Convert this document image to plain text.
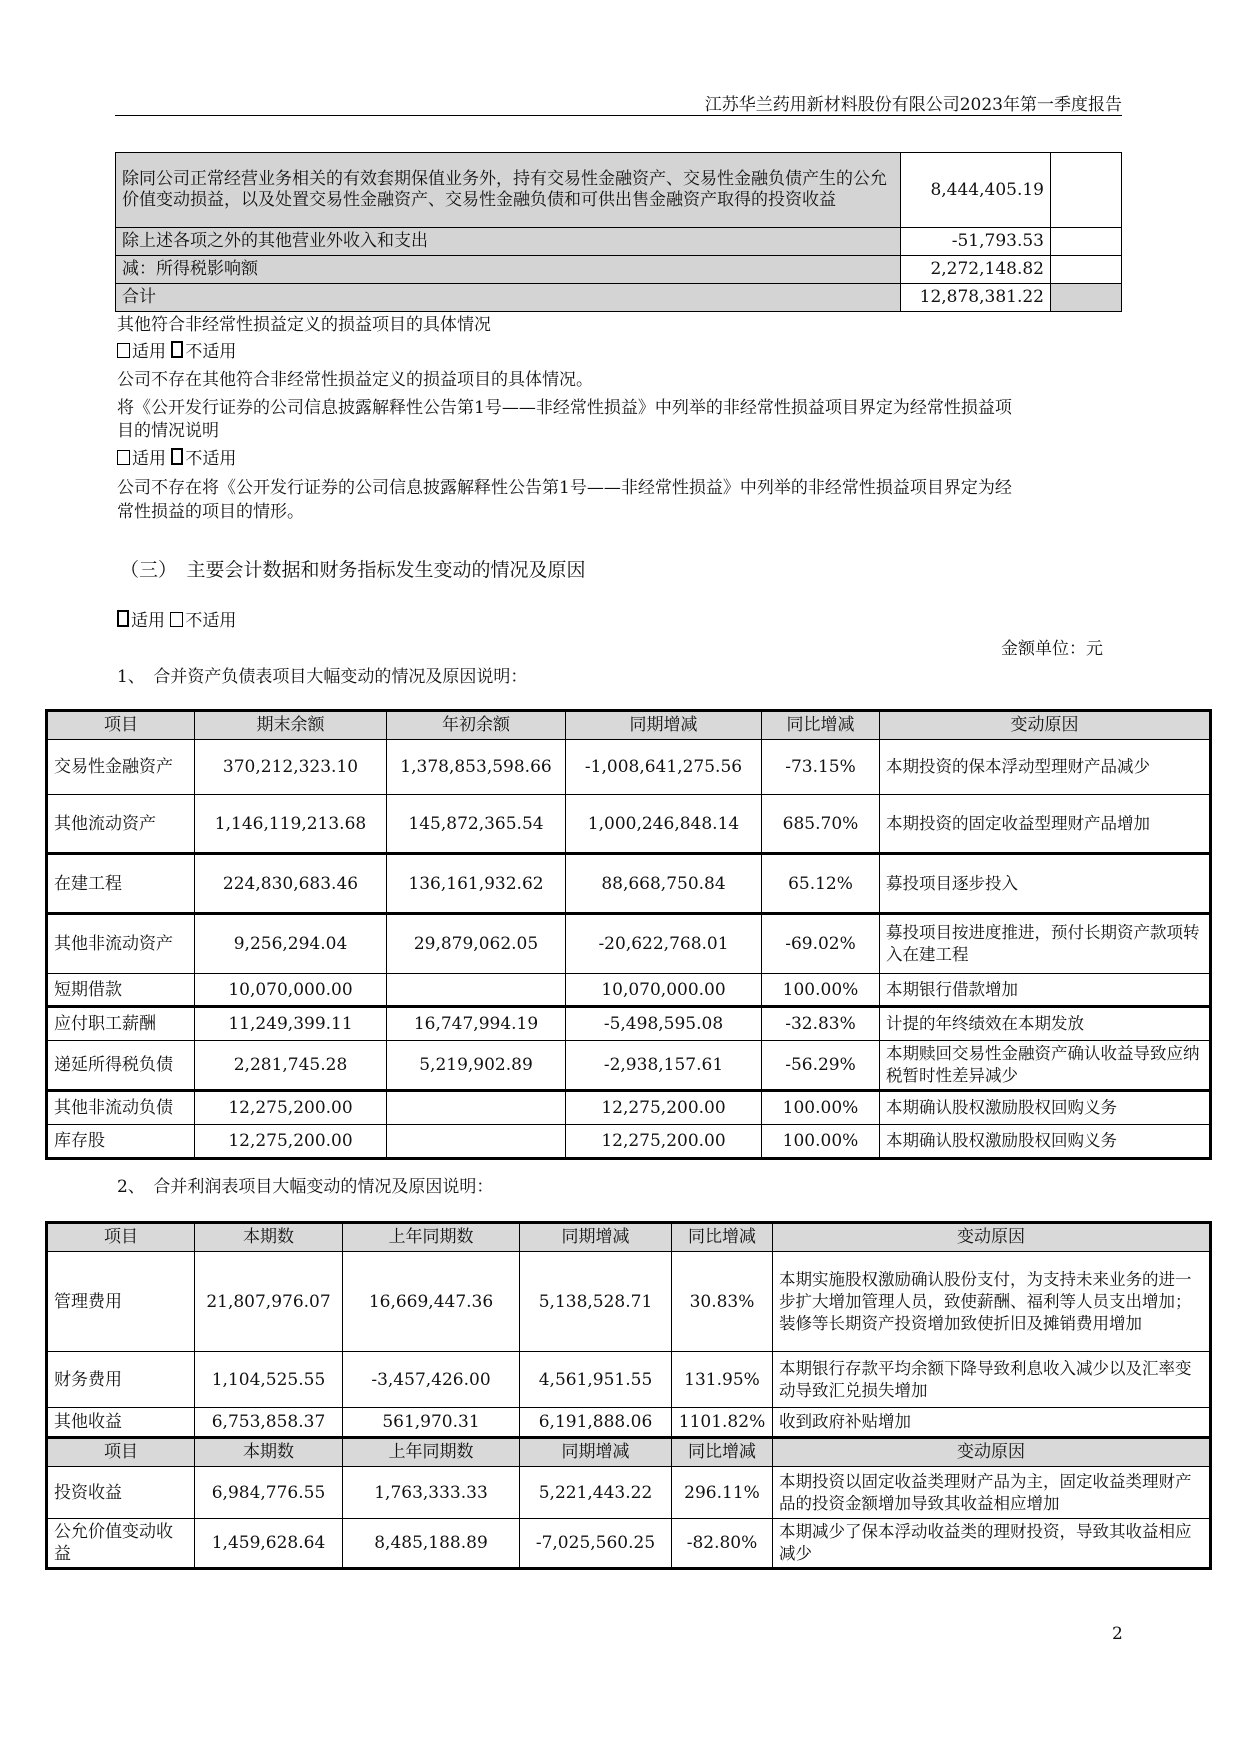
江苏华兰药用新材料股份有限公司2023年第一季度报告
除同公司正常经营业务相关的有效套期保值业务外，持有交易性金融资产、交易性金融负债产生的公允价值变动损益，以及处置交易性金融资产、交易性金融负债和可供出售金融资产取得的投资收益	8,444,405.19	
除上述各项之外的其他营业外收入和支出	-51,793.53	
减：所得税影响额	2,272,148.82	
合计	12,878,381.22	
其他符合非经常性损益定义的损益项目的具体情况
适用 不适用
公司不存在其他符合非经常性损益定义的损益项目的具体情况。
将《公开发行证券的公司信息披露解释性公告第1号——非经常性损益》中列举的非经常性损益项目界定为经常性损益项
目的情况说明
适用 不适用
公司不存在将《公开发行证券的公司信息披露解释性公告第1号——非经常性损益》中列举的非经常性损益项目界定为经
常性损益的项目的情形。
（三）　主要会计数据和财务指标发生变动的情况及原因
适用 不适用
金额单位：元
1、　合并资产负债表项目大幅变动的情况及原因说明：
项目	期末余额	年初余额	同期增减	同比增减	变动原因
交易性金融资产	370,212,323.10	1,378,853,598.66	-1,008,641,275.56	-73.15%	本期投资的保本浮动型理财产品减少
其他流动资产	1,146,119,213.68	145,872,365.54	1,000,246,848.14	685.70%	本期投资的固定收益型理财产品增加
在建工程	224,830,683.46	136,161,932.62	88,668,750.84	65.12%	募投项目逐步投入
其他非流动资产	9,256,294.04	29,879,062.05	-20,622,768.01	-69.02%	募投项目按进度推进，预付长期资产款项转入在建工程
短期借款	10,070,000.00		10,070,000.00	100.00%	本期银行借款增加
应付职工薪酬	11,249,399.11	16,747,994.19	-5,498,595.08	-32.83%	计提的年终绩效在本期发放
递延所得税负债	2,281,745.28	5,219,902.89	-2,938,157.61	-56.29%	本期赎回交易性金融资产确认收益导致应纳税暂时性差异减少
其他非流动负债	12,275,200.00		12,275,200.00	100.00%	本期确认股权激励股权回购义务
库存股	12,275,200.00		12,275,200.00	100.00%	本期确认股权激励股权回购义务
2、　合并利润表项目大幅变动的情况及原因说明：
项目	本期数	上年同期数	同期增减	同比增减	变动原因
管理费用	21,807,976.07	16,669,447.36	5,138,528.71	30.83%	本期实施股权激励确认股份支付，为支持未来业务的进一步扩大增加管理人员，致使薪酬、福利等人员支出增加；装修等长期资产投资增加致使折旧及摊销费用增加
财务费用	1,104,525.55	-3,457,426.00	4,561,951.55	131.95%	本期银行存款平均余额下降导致利息收入减少以及汇率变动导致汇兑损失增加
其他收益	6,753,858.37	561,970.31	6,191,888.06	1101.82%	收到政府补贴增加
项目	本期数	上年同期数	同期增减	同比增减	变动原因
投资收益	6,984,776.55	1,763,333.33	5,221,443.22	296.11%	本期投资以固定收益类理财产品为主，固定收益类理财产品的投资金额增加导致其收益相应增加
公允价值变动收益	1,459,628.64	8,485,188.89	-7,025,560.25	-82.80%	本期减少了保本浮动收益类的理财投资，导致其收益相应减少
2
